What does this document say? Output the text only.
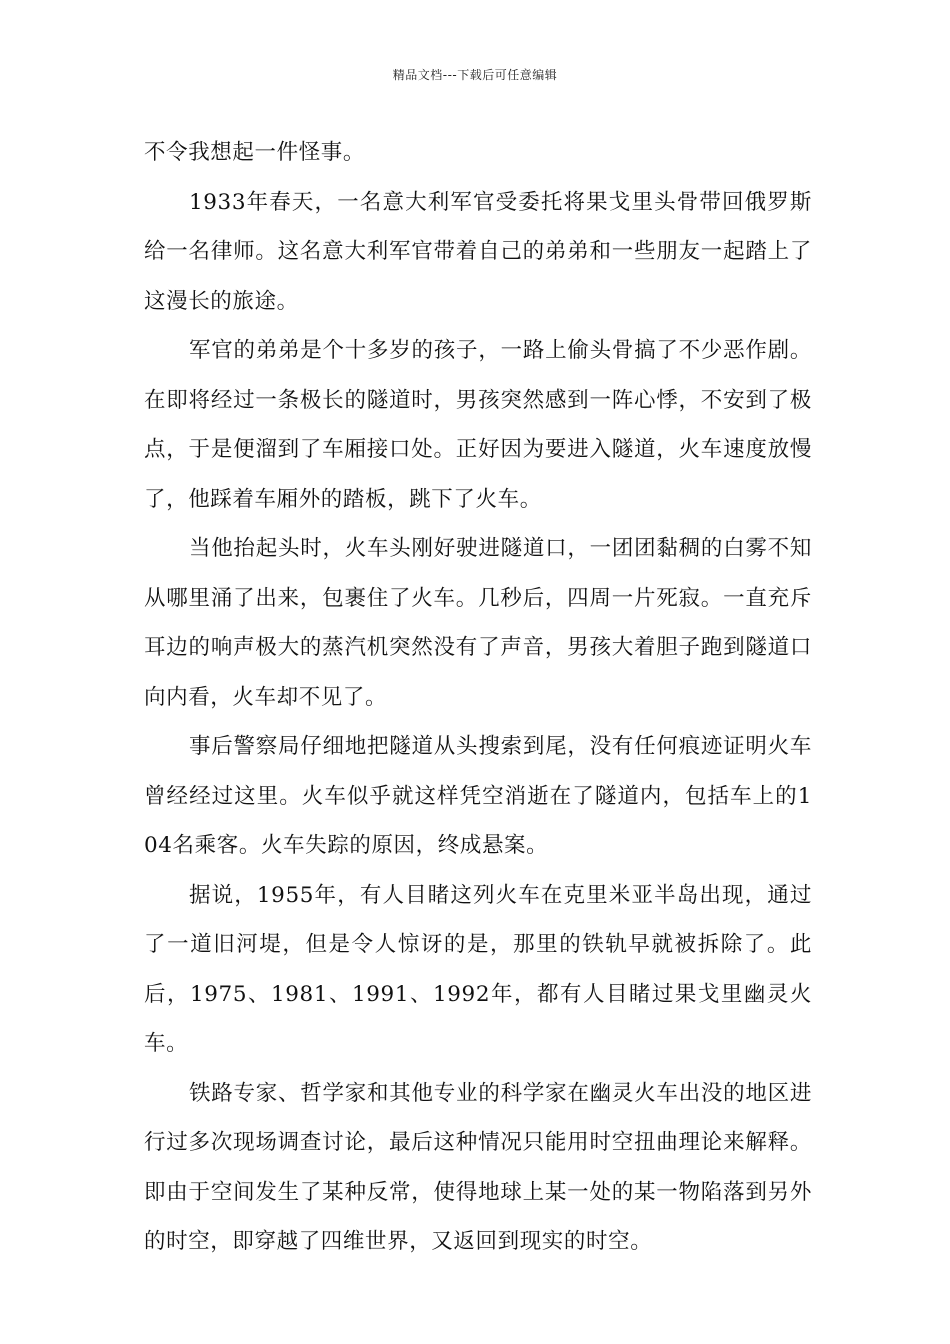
精品文档---下载后可任意编辑

不令我想起一件怪事。

1933年春天，一名意大利军官受委托将果戈里头骨带回俄罗斯给一名律师。这名意大利军官带着自己的弟弟和一些朋友一起踏上了这漫长的旅途。

军官的弟弟是个十多岁的孩子，一路上偷头骨搞了不少恶作剧。在即将经过一条极长的隧道时，男孩突然感到一阵心悸，不安到了极点，于是便溜到了车厢接口处。正好因为要进入隧道，火车速度放慢了，他踩着车厢外的踏板，跳下了火车。

当他抬起头时，火车头刚好驶进隧道口，一团团黏稠的白雾不知从哪里涌了出来，包裹住了火车。几秒后，四周一片死寂。一直充斥耳边的响声极大的蒸汽机突然没有了声音，男孩大着胆子跑到隧道口向内看，火车却不见了。

事后警察局仔细地把隧道从头搜索到尾，没有任何痕迹证明火车曾经经过这里。火车似乎就这样凭空消逝在了隧道内，包括车上的104名乘客。火车失踪的原因，终成悬案。

据说，1955年，有人目睹这列火车在克里米亚半岛出现，通过了一道旧河堤，但是令人惊讶的是，那里的铁轨早就被拆除了。此后，1975、1981、1991、1992年，都有人目睹过果戈里幽灵火车。

铁路专家、哲学家和其他专业的科学家在幽灵火车出没的地区进行过多次现场调查讨论，最后这种情况只能用时空扭曲理论来解释。即由于空间发生了某种反常，使得地球上某一处的某一物陷落到另外的时空，即穿越了四维世界，又返回到现实的时空。
